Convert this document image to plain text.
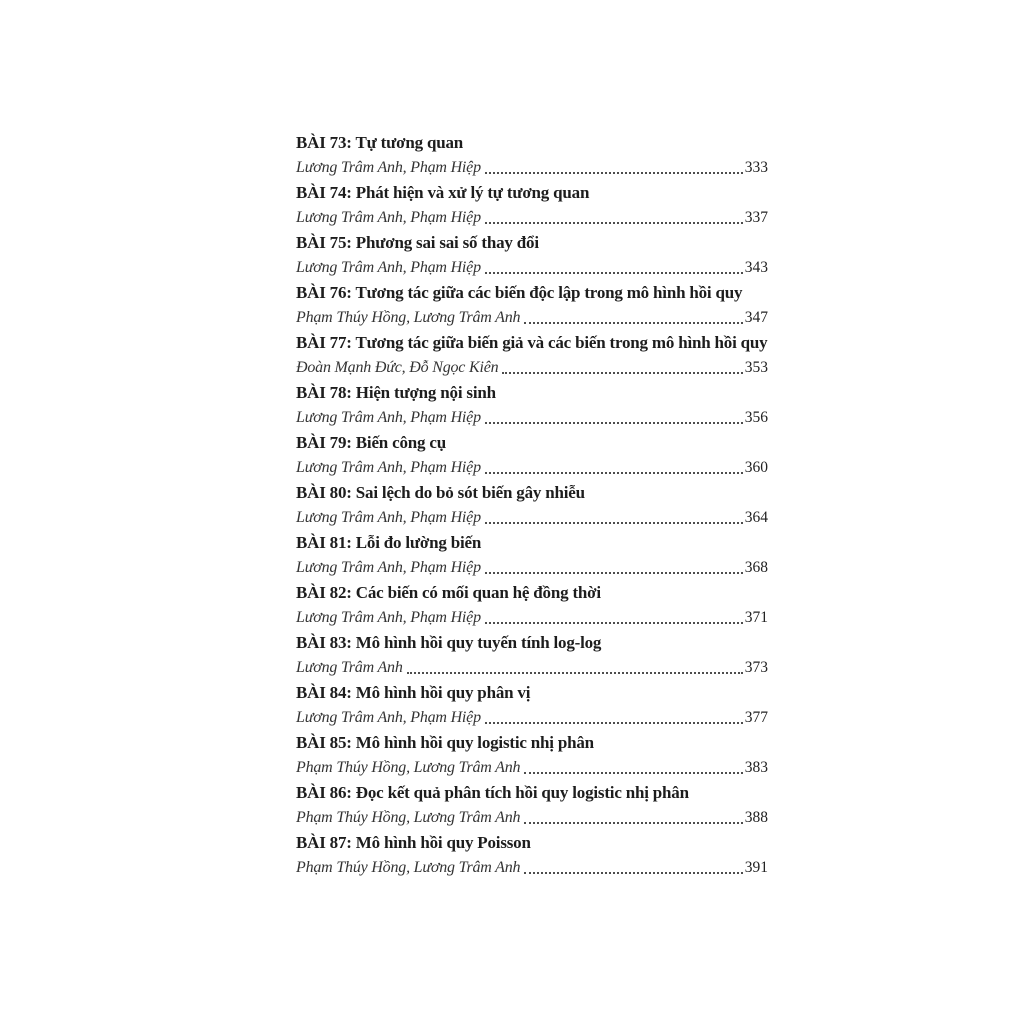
BÀI 73: Tự tương quan
Lương Trâm Anh, Phạm Hiệp	333
BÀI 74: Phát hiện và xử lý tự tương quan
Lương Trâm Anh, Phạm Hiệp	337
BÀI 75: Phương sai sai số thay đổi
Lương Trâm Anh, Phạm Hiệp	343
BÀI 76: Tương tác giữa các biến độc lập trong mô hình hồi quy
Phạm Thúy Hồng, Lương Trâm Anh	347
BÀI 77: Tương tác giữa biến giả và các biến trong mô hình hồi quy
Đoàn Mạnh Đức, Đỗ Ngọc Kiên	353
BÀI 78: Hiện tượng nội sinh
Lương Trâm Anh, Phạm Hiệp	356
BÀI 79: Biến công cụ
Lương Trâm Anh, Phạm Hiệp	360
BÀI 80: Sai lệch do bỏ sót biến gây nhiễu
Lương Trâm Anh, Phạm Hiệp	364
BÀI 81: Lỗi đo lường biến
Lương Trâm Anh, Phạm Hiệp	368
BÀI 82: Các biến có mối quan hệ đồng thời
Lương Trâm Anh, Phạm Hiệp	371
BÀI 83: Mô hình hồi quy tuyến tính log-log
Lương Trâm Anh	373
BÀI 84: Mô hình hồi quy phân vị
Lương Trâm Anh, Phạm Hiệp	377
BÀI 85: Mô hình hồi quy logistic nhị phân
Phạm Thúy Hồng, Lương Trâm Anh	383
BÀI 86: Đọc kết quả phân tích hồi quy logistic nhị phân
Phạm Thúy Hồng, Lương Trâm Anh	388
BÀI 87: Mô hình hồi quy Poisson
Phạm Thúy Hồng, Lương Trâm Anh	391
